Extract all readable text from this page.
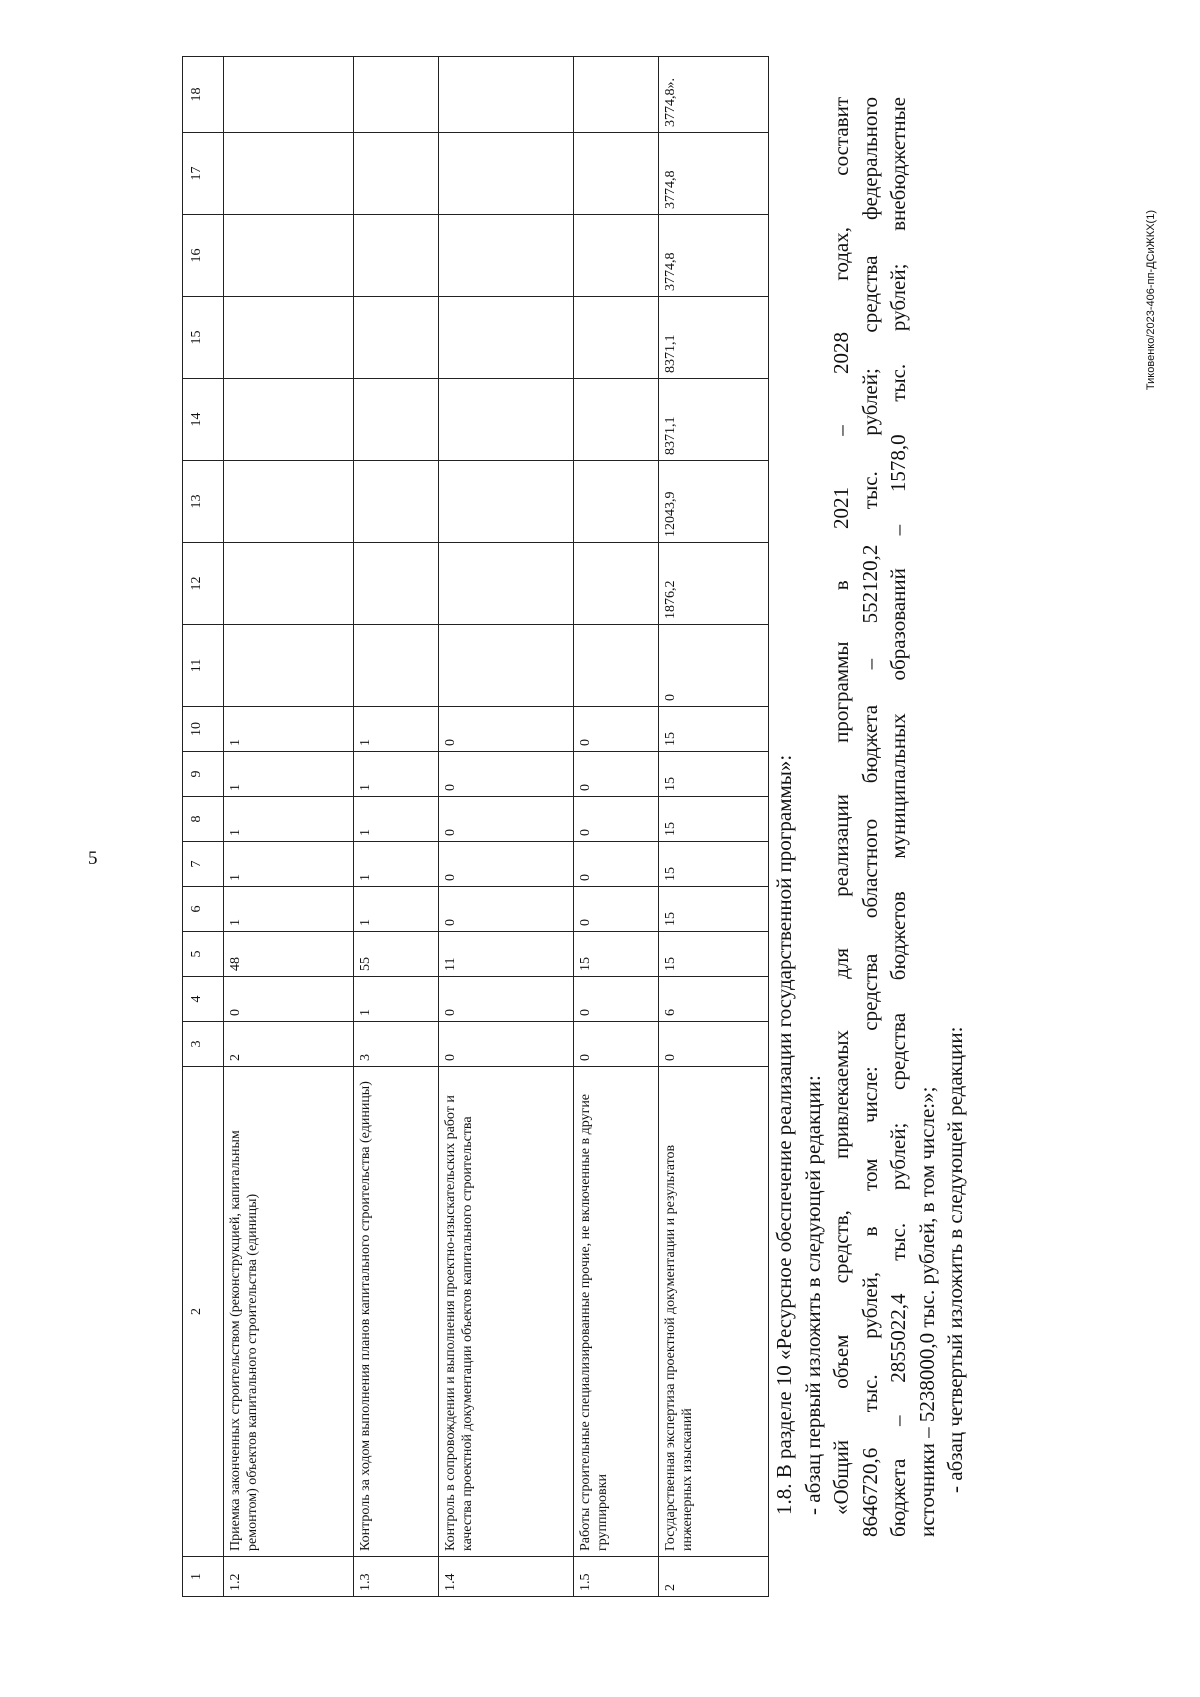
5
Тиковенко/2023-406-пп-ДСиЖКХ(1)
1	2	3	4	5	6	7	8	9	10	11	12	13	14	15	16	17	18
1.2	Приемка законченных строительством (реконструкцией, капитальным ремонтом) объектов капитального строительства (единицы)	2	0	48	1	1	1	1	1								
1.3	Контроль за ходом выполнения планов капитального строительства (единицы)	3	1	55	1	1	1	1	1								
1.4	Контроль в сопровождении и выполнения проектно-изыскательских работ и качества проектной документации объектов капитального строительства	0	0	11	0	0	0	0	0								
1.5	Работы строительные специализированные прочие, не включенные в другие группировки	0	0	15	0	0	0	0	0								
2	Государственная экспертиза проектной документации и результатов инженерных изысканий	0	6	15	15	15	15	15	15	0	1876,2	12043,9	8371,1	8371,1	3774,8	3774,8	3774,8».

1.8. В разделе 10 «Ресурсное обеспечение реализации государственной программы»: - абзац первый изложить в следующей редакции: «Общий объем средств, привлекаемых для реализации программы в 2021 – 2028 годах, составит 8646720,6 тыс. рублей, в том числе: средства областного бюджета – 552120,2 тыс. рублей; средства федерального бюджета – 2855022,4 тыс. рублей; средства бюджетов муниципальных образований – 1578,0 тыс. рублей; внебюджетные источники – 5238000,0 тыс. рублей, в том числе:»; - абзац четвертый изложить в следующей редакции:
